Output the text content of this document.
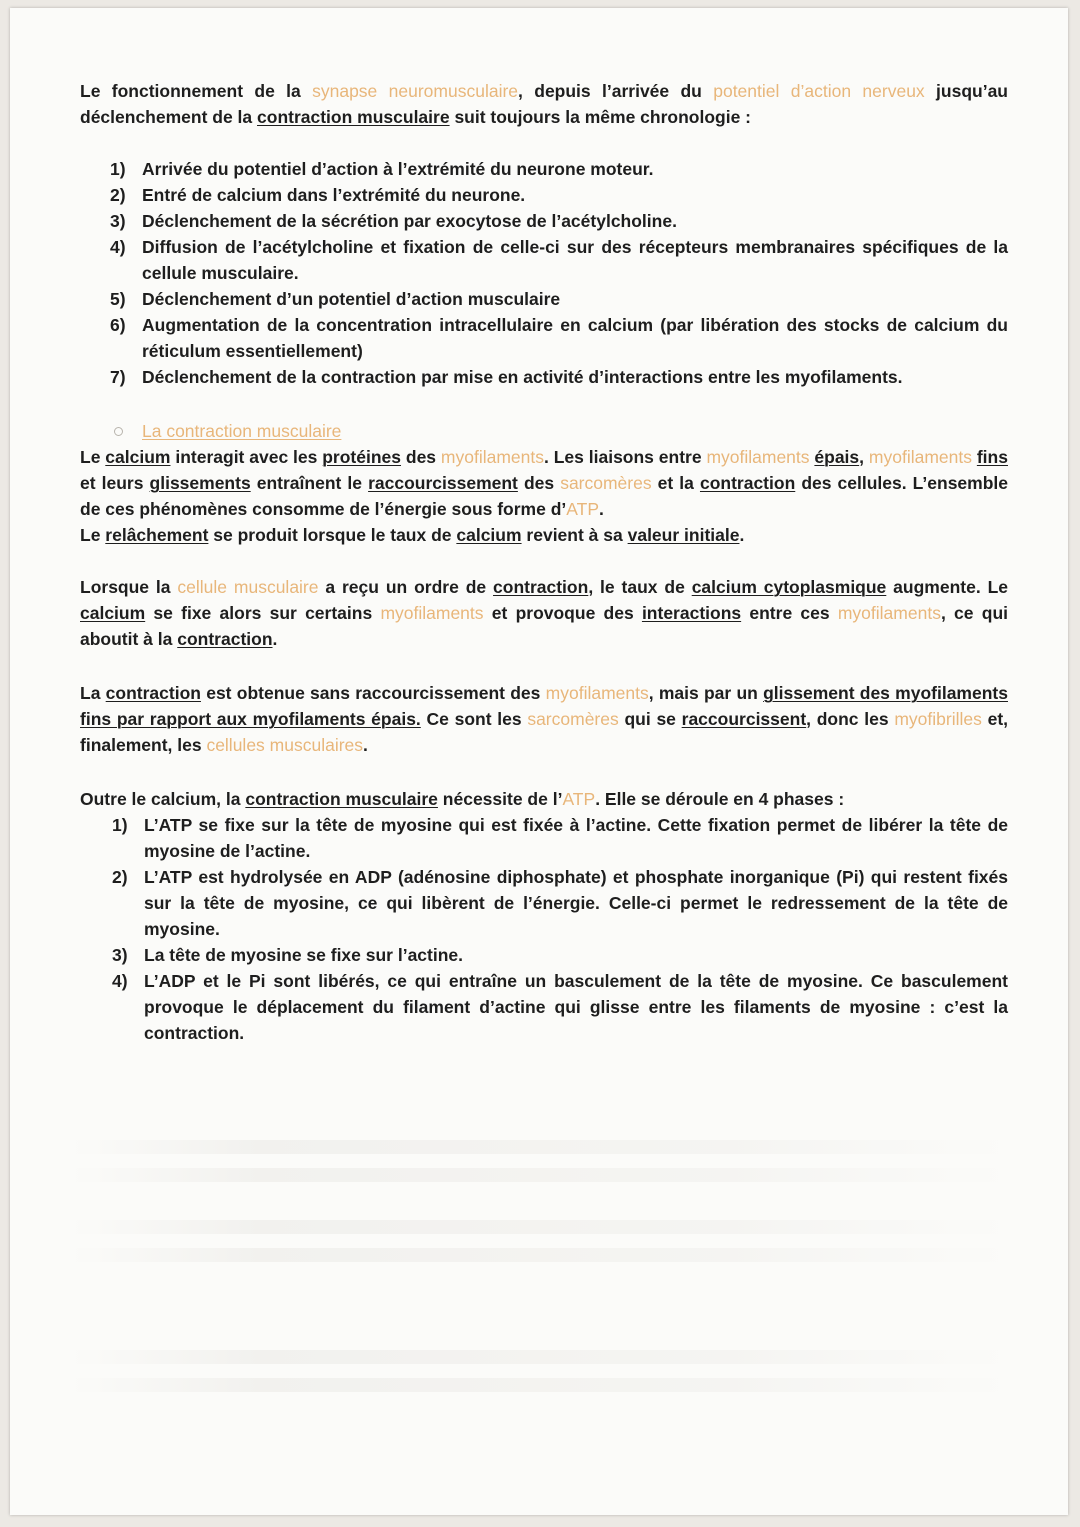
Le fonctionnement de la synapse neuromusculaire, depuis l’arrivée du potentiel d’action nerveux jusqu’au déclenchement de la contraction musculaire suit toujours la même chronologie :

1) Arrivée du potentiel d’action à l’extrémité du neurone moteur.
2) Entré de calcium dans l’extrémité du neurone.
3) Déclenchement de la sécrétion par exocytose de l’acétylcholine.
4) Diffusion de l’acétylcholine et fixation de celle-ci sur des récepteurs membranaires spécifiques de la cellule musculaire.
5) Déclenchement d’un potentiel d’action musculaire
6) Augmentation de la concentration intracellulaire en calcium (par libération des stocks de calcium du réticulum essentiellement)
7) Déclenchement de la contraction par mise en activité d’interactions entre les myofilaments.
La contraction musculaire

Le calcium interagit avec les protéines des myofilaments. Les liaisons entre myofilaments épais, myofilaments fins et leurs glissements entraînent le raccourcissement des sarcomères et la contraction des cellules. L’ensemble de ces phénomènes consomme de l’énergie sous forme d’ATP.

Le relâchement se produit lorsque le taux de calcium revient à sa valeur initiale.

Lorsque la cellule musculaire a reçu un ordre de contraction, le taux de calcium cytoplasmique augmente. Le calcium se fixe alors sur certains myofilaments et provoque des interactions entre ces myofilaments, ce qui aboutit à la contraction.

La contraction est obtenue sans raccourcissement des myofilaments, mais par un glissement des myofilaments fins par rapport aux myofilaments épais. Ce sont les sarcomères qui se raccourcissent, donc les myofibrilles et, finalement, les cellules musculaires.

Outre le calcium, la contraction musculaire nécessite de l’ATP. Elle se déroule en 4 phases :

1) L’ATP se fixe sur la tête de myosine qui est fixée à l’actine. Cette fixation permet de libérer la tête de myosine de l’actine.
2) L’ATP est hydrolysée en ADP (adénosine diphosphate) et phosphate inorganique (Pi) qui restent fixés sur la tête de myosine, ce qui libèrent de l’énergie. Celle-ci permet le redressement de la tête de myosine.
3) La tête de myosine se fixe sur l’actine.
4) L’ADP et le Pi sont libérés, ce qui entraîne un basculement de la tête de myosine. Ce basculement provoque le déplacement du filament d’actine qui glisse entre les filaments de myosine : c’est la contraction.
